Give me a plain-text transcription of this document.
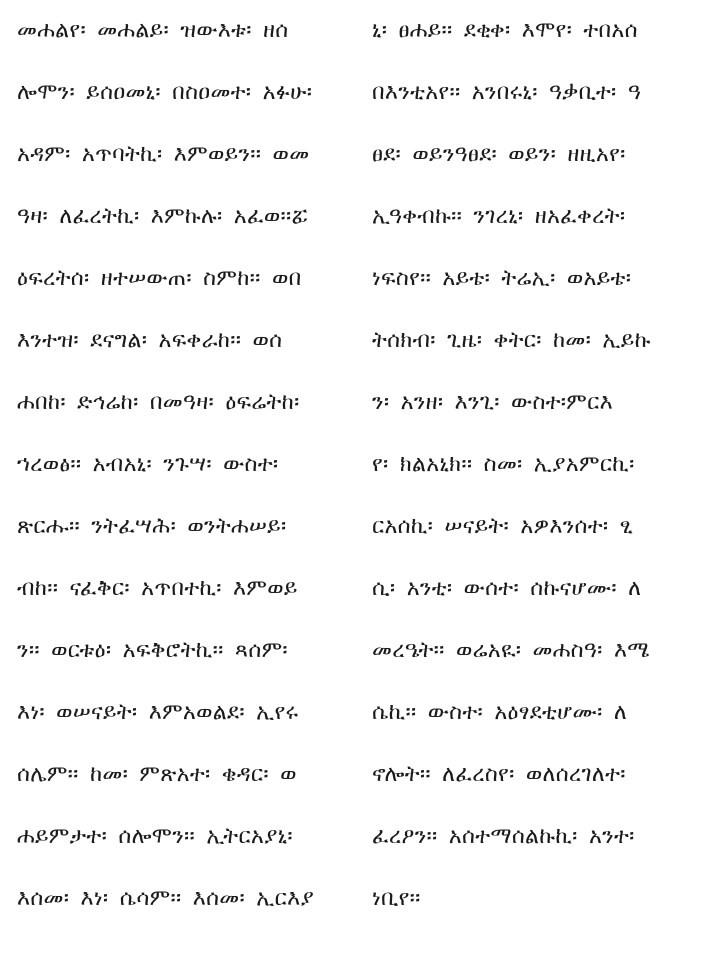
መሐልየ፡ መሐልይ፡ ዝውእቱ፡ ዘሰ
ሎሞን፡ ይሰዐመኒ፡ በስዐመተ፡ አፉሁ፡
አዳም፡ አጥባትኪ፡ እምወይን፡፡ ወመ
ዓዛ፡ ለፈረትኪ፡ እምኩሉ፡ አፈወ፡፡ፚ
ዕፍረትሰ፡ ዘተሠውጠ፡ ስምከ፡፡ ወበ
እንተዝ፡ ደናግል፡ አፍቀራከ፡፡ ወሰ
ሐበከ፡ ድኅሬከ፡ በመዓዛ፡ ዕፍሬትከ፡
ኀረወፅ፡፡ አብአኒ፡ ንጉሣ፡ ውስተ፡
ጽርሑ፡፡ ንትፈሣሕ፡ ወንትሐሠይ፡
ብከ፡፡ ናፈቅር፡ አጥበተኪ፡ እምወይ
ን፡፡ ወርቱዕ፡ አፍቅሮትኪ፡፡ ጻሰም፡
እነ፡ ወሠናይት፡ እምአወልደ፡ ኢየሩ
ሰሌም፡፡ ከመ፡ ምጽአተ፡ ቄዳር፡ ወ
ሐይምታተ፡ ሰሎሞን፡፡ ኢትርአያኒ፡
እሰመ፡ እነ፡ ሴሳም፡፡ እሰመ፡ ኢርእያ
ኒ፡ ፀሐይ፡፡ ደቂቀ፡ እሞየ፡ ተበአሰ
በእንቲአየ፡፡ አንበሩኒ፡ ዓቃቢተ፡ ዓ
ፀደ፡ ወይንዓፀደ፡ ወይን፡ ዘዚአየ፡
ኢዓቀብኩ፡፡ ንገረኒ፡ ዘአፈቀረት፡
ነፍስየ፡፡ አይቴ፡ ትሬኢ፡ ወአይቴ፡
ትሰክብ፡ ጊዜ፡ ቀትር፡ ከመ፡ ኢይኩ
ን፡ አንዘ፡ እንጊ፡ ውስተ፡ምርእ
የ፡ ክልአኒክ፡፡ ስመ፡ ኢያአምርኪ፡
ርአሰኪ፡ ሠናይት፡ አዎእንሰተ፡ ፂ
ሲ፡ አንቲ፡ ውሰተ፡ ሰኩናሆሙ፡ ለ
መረዔት፡፡ ወሬአዪ፡ መሐስዓ፡ እሜ
ሴኪ፡፡ ውስተ፡ አዕፃደቲሆሙ፡ ለ
ኖሎት፡፡ ለፈረስየ፡ ወለሰረገለተ፡
ፈረዖን፡፡ አሰተማሰልኩኪ፡ አንተ፡
ነቢየ፡፡
